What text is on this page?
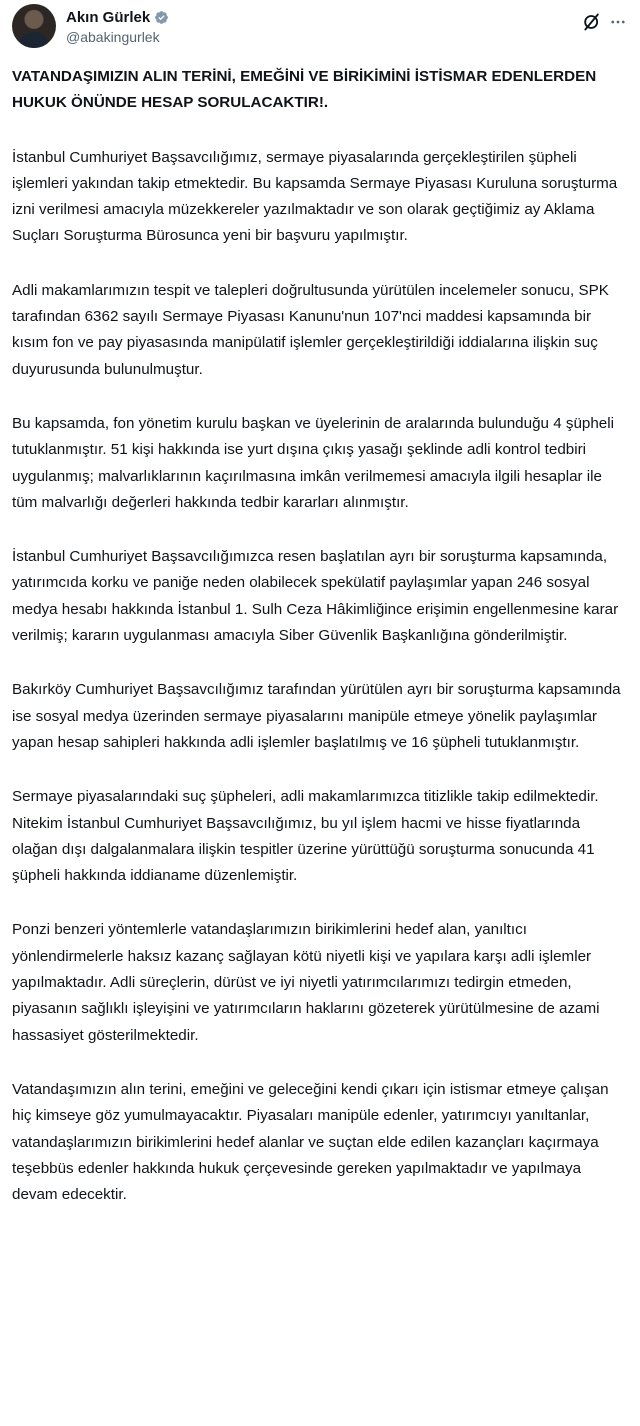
Akın Gürlek
@abakingurlek

VATANDAŞIMIZIN ALIN TERİNİ, EMEĞİNİ VE BİRİKİMİNİ İSTİSMAR EDENLERDEN HUKUK ÖNÜNDE HESAP SORULACAKTIR!.

İstanbul Cumhuriyet Başsavcılığımız, sermaye piyasalarında gerçekleştirilen şüpheli işlemleri yakından takip etmektedir. Bu kapsamda Sermaye Piyasası Kuruluna soruşturma izni verilmesi amacıyla müzekkereler yazılmaktadır ve son olarak geçtiğimiz ay Aklama Suçları Soruşturma Bürosunca yeni bir başvuru yapılmıştır.

Adli makamlarımızın tespit ve talepleri doğrultusunda yürütülen incelemeler sonucu, SPK tarafından 6362 sayılı Sermaye Piyasası Kanunu'nun 107'nci maddesi kapsamında bir kısım fon ve pay piyasasında manipülatif işlemler gerçekleştirildiği iddialarına ilişkin suç duyurusunda bulunulmuştur.

Bu kapsamda, fon yönetim kurulu başkan ve üyelerinin de aralarında bulunduğu 4 şüpheli tutuklanmıştır. 51 kişi hakkında ise yurt dışına çıkış yasağı şeklinde adli kontrol tedbiri uygulanmış; malvarlıklarının kaçırılmasına imkân verilmemesi amacıyla ilgili hesaplar ile tüm malvarlığı değerleri hakkında tedbir kararları alınmıştır.

İstanbul Cumhuriyet Başsavcılığımızca resen başlatılan ayrı bir soruşturma kapsamında, yatırımcıda korku ve paniğe neden olabilecek spekülatif paylaşımlar yapan 246 sosyal medya hesabı hakkında İstanbul 1. Sulh Ceza Hâkimliğince erişimin engellenmesine karar verilmiş; kararın uygulanması amacıyla Siber Güvenlik Başkanlığına gönderilmiştir.

Bakırköy Cumhuriyet Başsavcılığımız tarafından yürütülen ayrı bir soruşturma kapsamında ise sosyal medya üzerinden sermaye piyasalarını manipüle etmeye yönelik paylaşımlar yapan hesap sahipleri hakkında adli işlemler başlatılmış ve 16 şüpheli tutuklanmıştır.

Sermaye piyasalarındaki suç şüpheleri, adli makamlarımızca titizlikle takip edilmektedir. Nitekim İstanbul Cumhuriyet Başsavcılığımız, bu yıl işlem hacmi ve hisse fiyatlarında olağan dışı dalgalanmalara ilişkin tespitler üzerine yürüttüğü soruşturma sonucunda 41 şüpheli hakkında iddianame düzenlemiştir.

Ponzi benzeri yöntemlerle vatandaşlarımızın birikimlerini hedef alan, yanıltıcı yönlendirmelerle haksız kazanç sağlayan kötü niyetli kişi ve yapılara karşı adli işlemler yapılmaktadır. Adli süreçlerin, dürüst ve iyi niyetli yatırımcılarımızı tedirgin etmeden, piyasanın sağlıklı işleyişini ve yatırımcıların haklarını gözeterek yürütülmesine de azami hassasiyet gösterilmektedir.

Vatandaşımızın alın terini, emeğini ve geleceğini kendi çıkarı için istismar etmeye çalışan hiç kimseye göz yumulmayacaktır. Piyasaları manipüle edenler, yatırımcıyı yanıltanlar, vatandaşlarımızın birikimlerini hedef alanlar ve suçtan elde edilen kazançları kaçırmaya teşebbüs edenler hakkında hukuk çerçevesinde gereken yapılmaktadır ve yapılmaya devam edecektir.
